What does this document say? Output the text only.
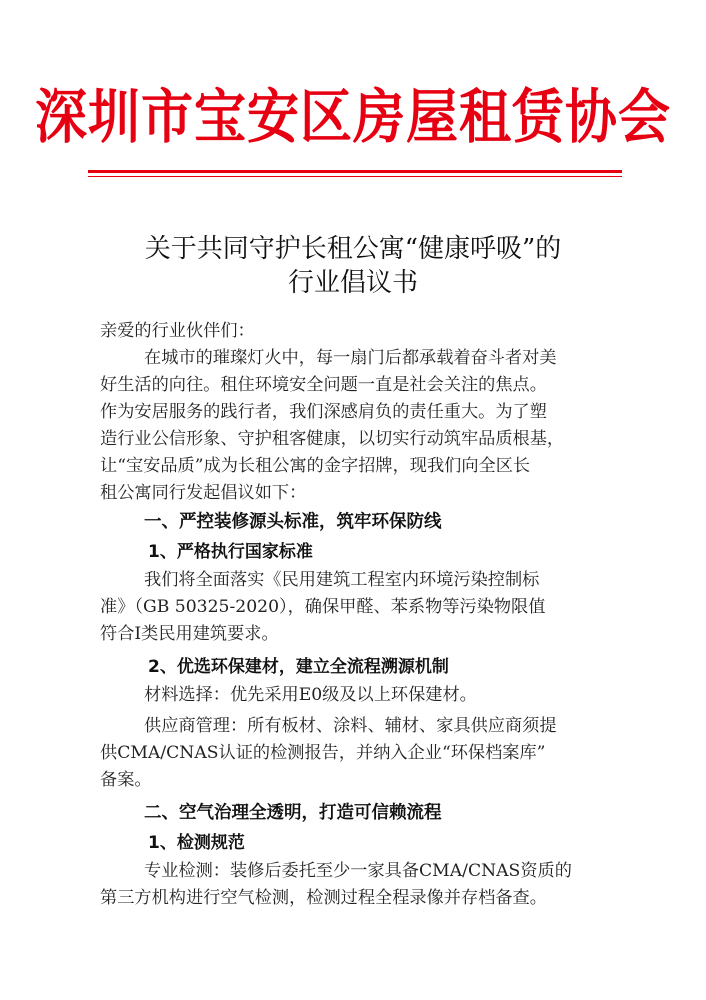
深圳市宝安区房屋租赁协会
关于共同守护长租公寓“健康呼吸”的
行业倡议书
亲爱的行业伙伴们：
在城市的璀璨灯火中，每一扇门后都承载着奋斗者对美
好生活的向往。租住环境安全问题一直是社会关注的焦点。
作为安居服务的践行者，我们深感肩负的责任重大。为了塑
造行业公信形象、守护租客健康，以切实行动筑牢品质根基，
让“宝安品质”成为长租公寓的金字招牌，现我们向全区长
租公寓同行发起倡议如下：
一、严控装修源头标准，筑牢环保防线
1、严格执行国家标准
我们将全面落实《民用建筑工程室内环境污染控制标
准》（GB 50325-2020），确保甲醛、苯系物等污染物限值
符合Ⅰ类民用建筑要求。
2、优选环保建材，建立全流程溯源机制
材料选择：优先采用E0级及以上环保建材。
供应商管理：所有板材、涂料、辅材、家具供应商须提
供CMA/CNAS认证的检测报告，并纳入企业“环保档案库”
备案。
二、空气治理全透明，打造可信赖流程
1、检测规范
专业检测：装修后委托至少一家具备CMA/CNAS资质的
第三方机构进行空气检测，检测过程全程录像并存档备查。
